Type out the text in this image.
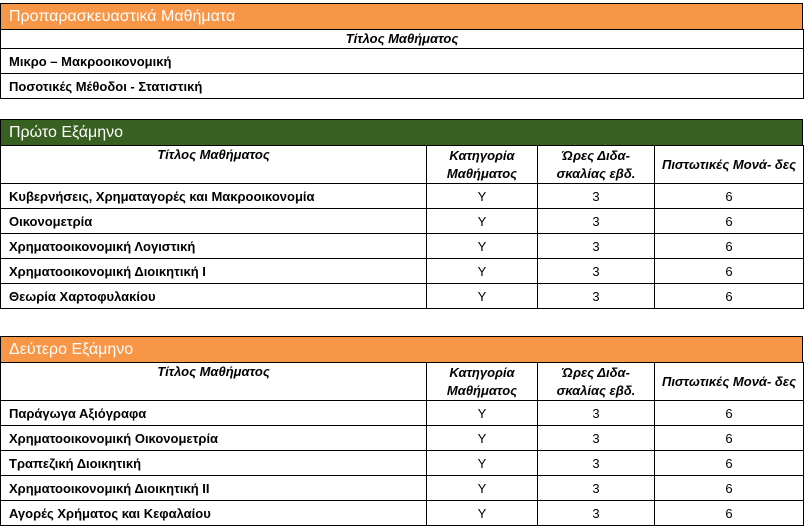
Προπαρασκευαστικά Μαθήματα
Τίτλος Μαθήματος
Μικρο – Μακροοικονομική
Ποσοτικές Μέθοδοι - Στατιστική
Πρώτο Εξάμηνο
Τίτλος Μαθήματος	Κατηγορία Μαθήματος	Ώρες Διδα- σκαλίας εβδ.	Πιστωτικές Μονά- δες
Κυβερνήσεις, Χρηματαγορές και Μακροοικονομία	Y	3	6
Οικονομετρία	Y	3	6
Χρηματοοικονομική Λογιστική	Y	3	6
Χρηματοοικονομική Διοικητική Ι	Y	3	6
Θεωρία Χαρτοφυλακίου	Y	3	6
Δεύτερο Εξάμηνο
Τίτλος Μαθήματος	Κατηγορία Μαθήματος	Ώρες Διδα- σκαλίας εβδ.	Πιστωτικές Μονά- δες
Παράγωγα Αξιόγραφα	Y	3	6
Χρηματοοικονομική Οικονομετρία	Y	3	6
Τραπεζική Διοικητική	Y	3	6
Χρηματοοικονομική Διοικητική ΙΙ	Y	3	6
Αγορές Χρήματος και Κεφαλαίου	Y	3	6
